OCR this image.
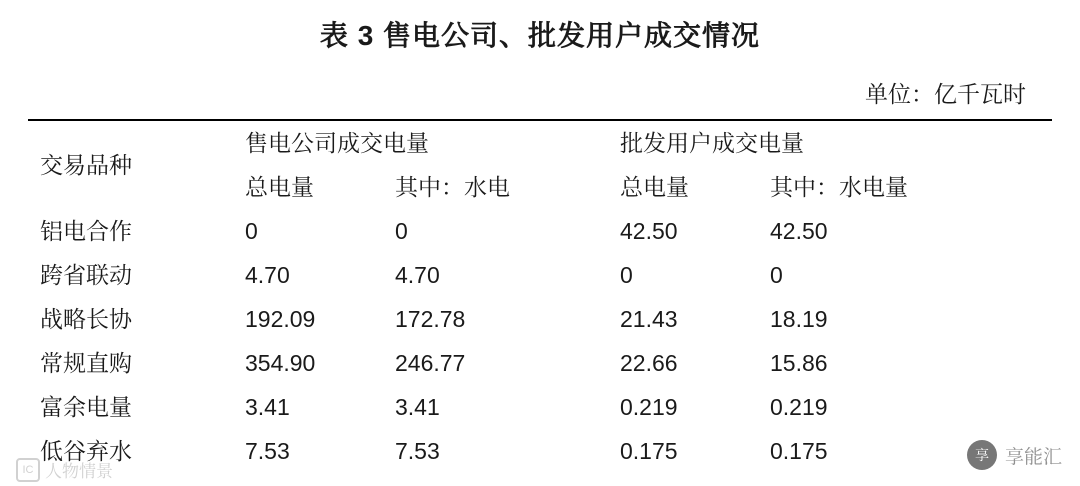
表 3 售电公司、批发用户成交情况
单位：亿千瓦时
交易品种	售电公司成交电量		批发用户成交电量	

	总电量	其中：水电	总电量	其中：水电量

铝电合作	0	0	42.50	42.50

跨省联动	4.70	4.70	0	0

战略长协	192.09	172.78	21.43	18.19

常规直购	354.90	246.77	22.66	15.86

富余电量	3.41	3.41	0.219	0.219

低谷弃水	7.53	7.53	0.175	0.175	享 享能汇
IC 人物情景
